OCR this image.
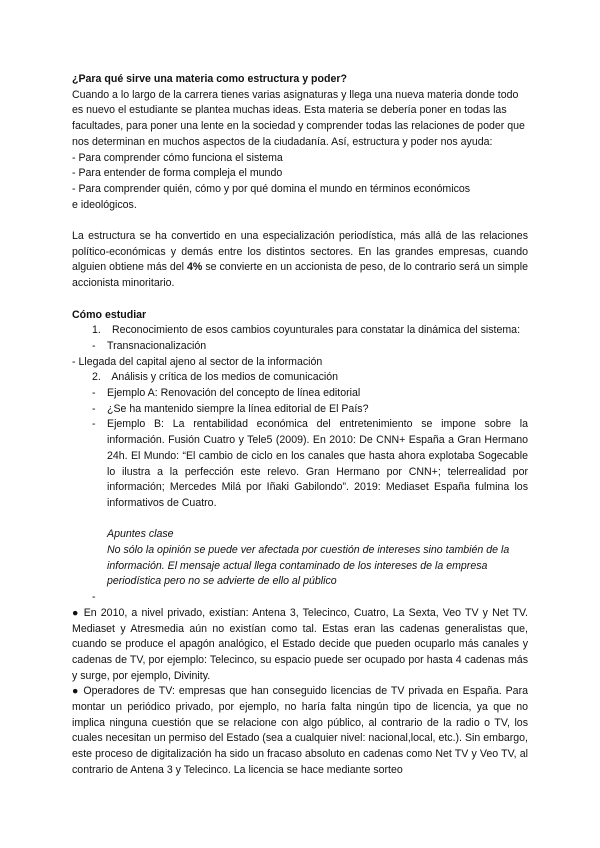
¿Para qué sirve una materia como estructura y poder?

Cuando a lo largo de la carrera tienes varias asignaturas y llega una nueva materia donde todo es nuevo el estudiante se plantea muchas ideas. Esta materia se debería poner en todas las facultades, para poner una lente en la sociedad y comprender todas las relaciones de poder que nos determinan en muchos aspectos de la ciudadanía. Así, estructura y poder nos ayuda:

- Para comprender cómo funciona el sistema

- Para entender de forma compleja el mundo

- Para comprender quién, cómo y por qué domina el mundo en términos económicos

e ideológicos.

La estructura se ha convertido en una especialización periodística, más allá de las relaciones político-económicas y demás entre los distintos sectores. En las grandes empresas, cuando alguien obtiene más del 4% se convierte en un accionista de peso, de lo contrario será un simple accionista minoritario.

Cómo estudiar

1. Reconocimiento de esos cambios coyunturales para constatar la dinámica del sistema:

-	Transnacionalización

- Llegada del capital ajeno al sector de la información

2. Análisis y crítica de los medios de comunicación

-	Ejemplo A: Renovación del concepto de línea editorial
-	¿Se ha mantenido siempre la línea editorial de El País?
-	Ejemplo B: La rentabilidad económica del entretenimiento se impone sobre la información. Fusión Cuatro y Tele5 (2009). En 2010: De CNN+ España a Gran Hermano 24h. El Mundo: “El cambio de ciclo en los canales que hasta ahora explotaba Sogecable lo ilustra a la perfección este relevo. Gran Hermano por CNN+; telerrealidad por información; Mercedes Milá por Iñaki Gabilondo”. 2019: Mediaset España fulmina los informativos de Cuatro.

Apuntes clase

No sólo la opinión se puede ver afectada por cuestión de intereses sino también de la información. El mensaje actual llega contaminado de los intereses de la empresa periodística pero no se advierte de ello al público

-

● En 2010, a nivel privado, existían: Antena 3, Telecinco, Cuatro, La Sexta, Veo TV y Net TV. Mediaset y Atresmedia aún no existían como tal. Estas eran las cadenas generalistas que, cuando se produce el apagón analógico, el Estado decide que pueden ocuparlo más canales y cadenas de TV, por ejemplo: Telecinco, su espacio puede ser ocupado por hasta 4 cadenas más y surge, por ejemplo, Divinity.

● Operadores de TV: empresas que han conseguido licencias de TV privada en España. Para montar un periódico privado, por ejemplo, no haría falta ningún tipo de licencia, ya que no implica ninguna cuestión que se relacione con algo público, al contrario de la radio o TV, los cuales necesitan un permiso del Estado (sea a cualquier nivel: nacional,local, etc.). Sin embargo, este proceso de digitalización ha sido un fracaso absoluto en cadenas como Net TV y Veo TV, al contrario de Antena 3 y Telecinco. La licencia se hace mediante sorteo
